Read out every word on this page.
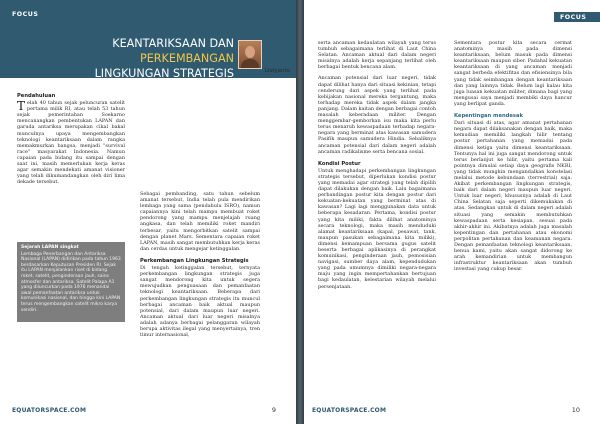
FOCUS
KEANTARIKSAAN DAN
PERKEMBANGAN
LINGKUNGAN STRATEGIS	Listyanto
Pendahuluan

Telah 40 tahun sejak peluncuran satelit pertama milik RI, atau telah 53 tahun sejak pemerintahan Soekarno mencanangkan pembentukan LAPAN dan garuda antariksa merupakan cikal bakal munculnya upaya mengembangkan teknologi keantariksaan dalam rangka memakmurkan bangsa, menjadi "survival race" masyarakat Indonesia. Namun capaian pada bidang itu sampai dengan saat ini, masih memerlukan kerja keras agar semakin mendekati amanat visioner yang telah dikumandangkan oleh diri lima dekade tersebut.

Sejarah LAPAN singkat
Lembaga Penerbangan dan Antariksa Nasional (LAPAN) didirikan pada tahun 1963 berdasarkan Keputusan Presiden RI. Sejak itu LAPAN menjalankan riset di bidang roket, satelit, penginderaan jauh, sains atmosfer dan antariksa. Satelit Palapa A1 yang diluncurkan pada 1976 menandai awal pemanfaatan antariksa untuk komunikasi nasional, dan hingga kini LAPAN terus mengembangkan satelit mikro karya sendiri.

Sebagai pembanding, satu tahun sebelum amanat tersebut, India telah pula mendirikan lembaga yang sama (pendahulu ISRO), namun capaiannya kini telah mampu membuat roket pendorong yang mampu menjelajah ruang angkasa, dan telah memiliki roket mandiri terbesar, yaitu mengorbitkan satelit sampai dengan planet Mars. Sementara capaian roket LAPAN, masih sangat membutuhkan kerja keras dan cerdas untuk mengejar ketinggalan.

Perkembangan Lingkungan Strategis

Di tengah ketinggalan tersebut, ternyata perkembangan lingkungan strategis juga sangat mendorong kita untuk segera mewujudkan penguasaan dan pemanfaatan teknologi keantariksaan. Beberapa dari perkembangan lingkungan strategis itu muncul berbagai ancaman baik aktual maupun potensial, dari dalam maupun luar negeri. Ancaman aktual dari luar negeri misalnya adalah adanya berbagai pelanggaran wilayah berupa aktivitas ilegal yang menyertainya, tren timur internasional,

EQUATORSPACE.COM	9
FOCUS

serta ancaman kedaulatan wilayah yang terus tumbuh sebagaimana terlihat di Laut China Selatan. Ancaman aktual dari dalam negeri misalnya adalah kerja sepanjang terlihat oleh berbagai bentuk bencana alam.

Ancaman potensial dari luar negeri, tidak dapat dilihat hanya dari situasi kekinian, tetapi cenderung dari aspek yang terlihat pada kebijakan nasional mereka tergantung, maka terhadap mereka tidak aspek dalam jangka panjang. Dalam kaitan dengan berbagai contoh masalah keberadaan militer. Dengan menggembar-gemborkan isu maka kita perlu terus menaruh kewaspadaan terhadap negara-negara yang berminat atas kawasan samudera Pasifik maupun samudera Hindia. Sebaliknya ancaman potensial dari dalam negeri adalah ancaman radikalisme serta bencana sosial.

Kondisi Postur

Untuk menghadapi perkembangan lingkungan strategis tersebut, diperlukan kondisi postur yang memadai agar strategi yang telah dipilih dapat dilakukan dengan baik. Lalu bagaimana perbandingan postur kita dengan postur dari kekuatan-kekuatan yang berminat atas di kawasan? Lagi lagi menggunakan data untuk beberapa kesadaran. Pertama, kondisi postur yang kita miliki, fakta dilihat anatominya secara teknologi, maka masih menduduki alamat keantariksaan (kapal, pesawat, tank, maupun pasukan sebagaimana kita miliki), dimensi kemampuan bersama gugus satelit beserta berbagai aplikasinya di perangkat komunikasi, penginderaan jauh, pemosisian navigasi, sumber daya alam, kependudukan yang pada umumnya dimiliki negara-negara maju yang ingin mempertahankan bertujuan bagi kedaulatan, kelestarian wilayah melalui persenjataan.

Sementara postur kita secara cermat anatominya masih pada dimensi keantariksaan, belum masuk pada dimensi keantariksaan maupun siber. Padahal kekuatan keantariksaan di yang ancaman menjadi sangat berbeda efektifitas dan efisiensinya bila yang tidak seimbangan dengan keantariksaan dan yang lainnya tidak. Belum lagi kalau kita juga luasan kekuatan militer, dimana bagi yang mengusai saya menjadi membiki daya hancur yang berlipat ganda.

Kepentingan mendesak

Dari situasi di atas, agar amanat pertahanan negara dapat dilaksanakan dengan baik, maka kemudian memiliki langkah hilir tentang postur pertahanan yang memadai pada dimensi ketiga yaitu dimensi keantariksaan. Tentunya hal ini juga sangat mendorong untuk terus berlanjut ke hilir, yaitu pertama kali pointnya dimulai setiap daya geografis NKRI, yang tidak mungkin mengandalkan konstelasi melalui metode kebundaan (terrestrial) saja. Akibat perkembangan lingkungan strategis, baik dari dalam negeri maupun luar negeri. Untuk luar negeri, khususnya adalah di Laut China Selatan saja seperti dikemukakan di atas. Sedangkan untuk di dalam negeri adalah situasi yang semakin membutuhkan kewaspadaan serta kesiapan, sesuai pada akhir-akhir ini. Akibatnya adalah juga masalah kepentingan dan pertahanan atau ekonomi perpolitan pertahanan dan keamanan negara. Dengan pemanfaatan teknologi keantariksaan, benua kami, yaitu akan sangat didorong ke arah kemandirian untuk membangun infrastruktur keantariksaan akan tumbuh investasi yang cukup besar.

EQUATORSPACE.COM	10
